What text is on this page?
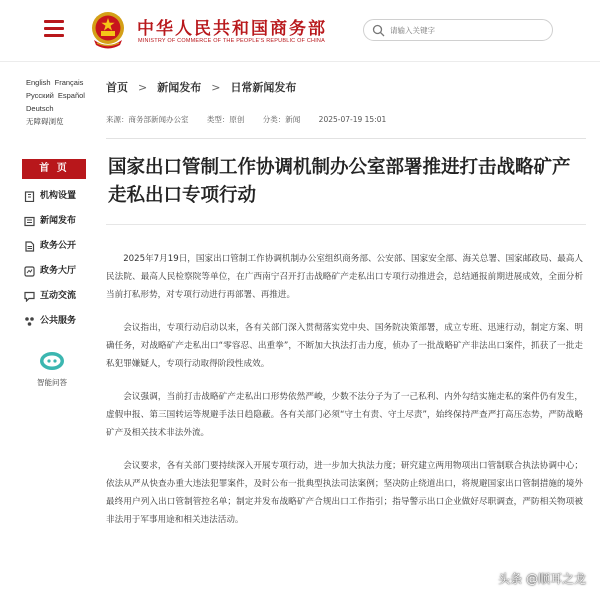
中华人民共和国商务部
MINISTRY OF COMMERCE OF THE PEOPLE'S REPUBLIC OF CHINA
请输入关键字
English Français
Русский Español
Deutsch
无障碍浏览
首 页
机构设置
新闻发布
政务公开
政务大厅
互动交流
公共服务
智能问答
首页 > 新闻发布 > 日常新闻发布
来源：商务部新闻办公室 类型：原创 分类：新闻 2025-07-19 15:01
国家出口管制工作协调机制办公室部署推进打击战略矿产走私出口专项行动

2025年7月19日，国家出口管制工作协调机制办公室组织商务部、公安部、国家安全部、海关总署、国家邮政局、最高人民法院、最高人民检察院等单位，在广西南宁召开打击战略矿产走私出口专项行动推进会，总结通报前期进展成效，全面分析当前打私形势，对专项行动进行再部署、再推进。

会议指出，专项行动启动以来，各有关部门深入贯彻落实党中央、国务院决策部署，成立专班、迅速行动，制定方案、明确任务，对战略矿产走私出口“零容忍、出重拳”，不断加大执法打击力度，侦办了一批战略矿产非法出口案件，抓获了一批走私犯罪嫌疑人，专项行动取得阶段性成效。

会议强调，当前打击战略矿产走私出口形势依然严峻，少数不法分子为了一己私利、内外勾结实施走私的案件仍有发生，虚假申报、第三国转运等规避手法日趋隐蔽。各有关部门必须“守土有责、守土尽责”，始终保持严查严打高压态势，严防战略矿产及相关技术非法外流。

会议要求，各有关部门要持续深入开展专项行动，进一步加大执法力度；研究建立两用物项出口管制联合执法协调中心；依法从严从快查办重大违法犯罪案件，及时公布一批典型执法司法案例；坚决防止绕道出口，将规避国家出口管制措施的境外最终用户列入出口管制管控名单；制定并发布战略矿产合规出口工作指引；指导警示出口企业做好尽职调查，严防相关物项被非法用于军事用途和相关违法活动。

头条 @顺耳之龙
